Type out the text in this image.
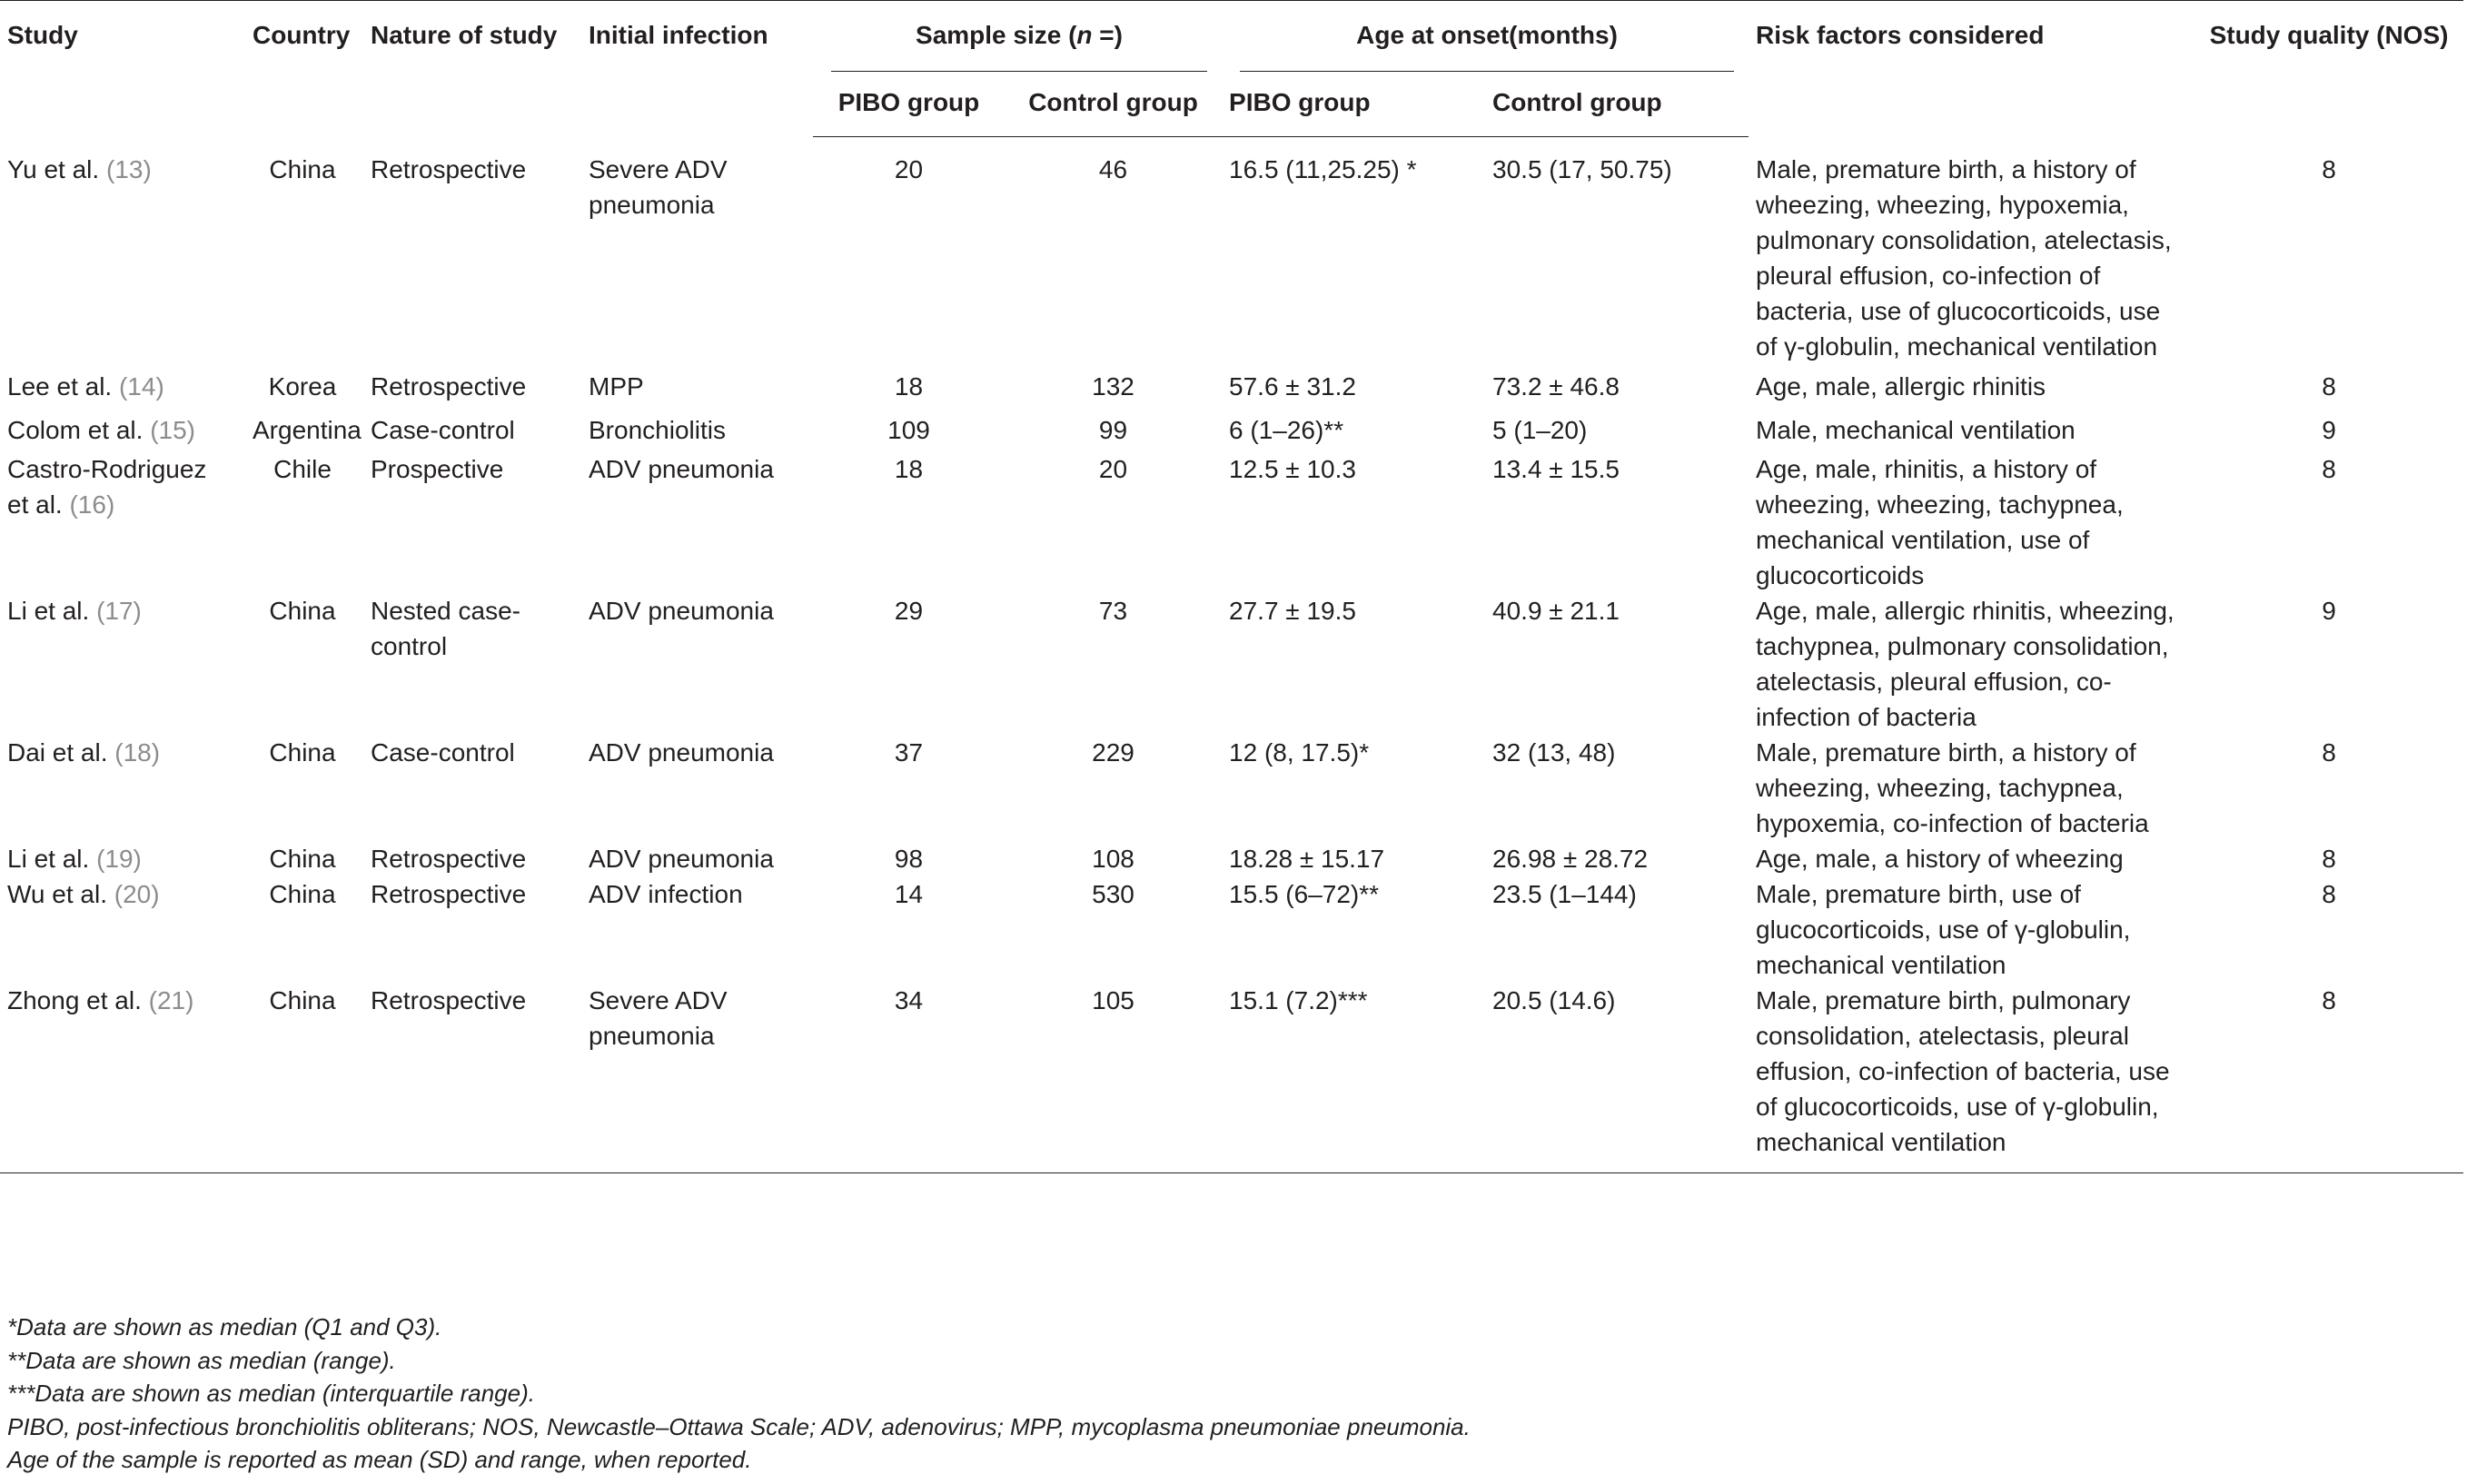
Study	Country	Nature of study	Initial infection	Sample size (n =)		Age at onset(months)		Risk factors considered	Study quality (NOS)
				PIBO group	Control group	PIBO group	Control group		
Yu et al. (13)	China	Retrospective	Severe ADV pneumonia	20	46	16.5 (11,25.25) *	30.5 (17, 50.75)	Male, premature birth, a history of wheezing, wheezing, hypoxemia, pulmonary consolidation, atelectasis, pleural effusion, co-infection of bacteria, use of glucocorticoids, use of γ-globulin, mechanical ventilation	8
Lee et al. (14)	Korea	Retrospective	MPP	18	132	57.6 ± 31.2	73.2 ± 46.8	Age, male, allergic rhinitis	8
Colom et al. (15)	Argentina	Case-control	Bronchiolitis	109	99	6 (1–26)**	5 (1–20)	Male, mechanical ventilation	9
Castro-Rodriguez et al. (16)	Chile	Prospective	ADV pneumonia	18	20	12.5 ± 10.3	13.4 ± 15.5	Age, male, rhinitis, a history of wheezing, wheezing, tachypnea, mechanical ventilation, use of glucocorticoids	8
Li et al. (17)	China	Nested case-control	ADV pneumonia	29	73	27.7 ± 19.5	40.9 ± 21.1	Age, male, allergic rhinitis, wheezing, tachypnea, pulmonary consolidation, atelectasis, pleural effusion, co-infection of bacteria	9
Dai et al. (18)	China	Case-control	ADV pneumonia	37	229	12 (8, 17.5)*	32 (13, 48)	Male, premature birth, a history of wheezing, wheezing, tachypnea, hypoxemia, co-infection of bacteria	8
Li et al. (19)	China	Retrospective	ADV pneumonia	98	108	18.28 ± 15.17	26.98 ± 28.72	Age, male, a history of wheezing	8
Wu et al. (20)	China	Retrospective	ADV infection	14	530	15.5 (6–72)**	23.5 (1–144)	Male, premature birth, use of glucocorticoids, use of γ-globulin, mechanical ventilation	8
Zhong et al. (21)	China	Retrospective	Severe ADV pneumonia	34	105	15.1 (7.2)***	20.5 (14.6)	Male, premature birth, pulmonary consolidation, atelectasis, pleural effusion, co-infection of bacteria, use of glucocorticoids, use of γ-globulin, mechanical ventilation	8
*Data are shown as median (Q1 and Q3).
**Data are shown as median (range).
***Data are shown as median (interquartile range).
PIBO, post-infectious bronchiolitis obliterans; NOS, Newcastle–Ottawa Scale; ADV, adenovirus; MPP, mycoplasma pneumoniae pneumonia.
Age of the sample is reported as mean (SD) and range, when reported.
